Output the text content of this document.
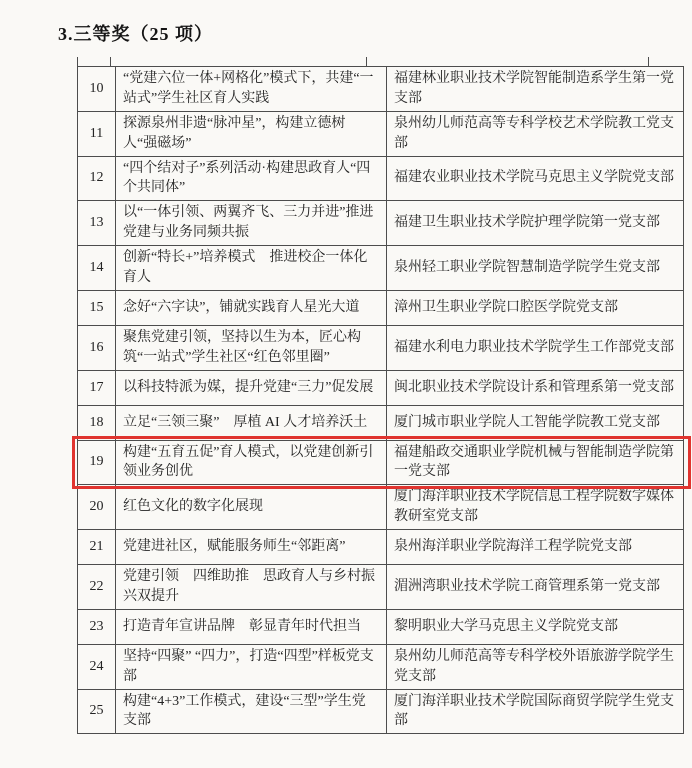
3.三等奖（25 项）
10	“党建六位一体+网格化”模式下，共建“一站式”学生社区育人实践	福建林业职业技术学院智能制造系学生第一党支部
11	探源泉州非遗“脉冲星”，构建立德树人“强磁场”	泉州幼儿师范高等专科学校艺术学院教工党支部
12	“四个结对子”系列活动·构建思政育人“四个共同体”	福建农业职业技术学院马克思主义学院党支部
13	以“一体引领、两翼齐飞、三力并进”推进党建与业务同频共振	福建卫生职业技术学院护理学院第一党支部
14	创新“特长+”培养模式　推进校企一体化育人	泉州轻工职业学院智慧制造学院学生党支部
15	念好“六字诀”，铺就实践育人星光大道	漳州卫生职业学院口腔医学院党支部
16	聚焦党建引领，坚持以生为本，匠心构筑“一站式”学生社区“红色邻里圈”	福建水利电力职业技术学院学生工作部党支部
17	以科技特派为媒，提升党建“三力”促发展	闽北职业技术学院设计系和管理系第一党支部
18	立足“三领三聚”　厚植 AI 人才培养沃土	厦门城市职业学院人工智能学院教工党支部
19	构建“五育五促”育人模式，以党建创新引领业务创优	福建船政交通职业学院机械与智能制造学院第一党支部
20	红色文化的数字化展现	厦门海洋职业技术学院信息工程学院数字媒体教研室党支部
21	党建进社区，赋能服务师生“邻距离”	泉州海洋职业学院海洋工程学院党支部
22	党建引领　四维助推　思政育人与乡村振兴双提升	湄洲湾职业技术学院工商管理系第一党支部
23	打造青年宣讲品牌　彰显青年时代担当	黎明职业大学马克思主义学院党支部
24	坚持“四聚” “四力”，打造“四型”样板党支部	泉州幼儿师范高等专科学校外语旅游学院学生党支部
25	构建“4+3”工作模式，建设“三型”学生党支部	厦门海洋职业技术学院国际商贸学院学生党支部
